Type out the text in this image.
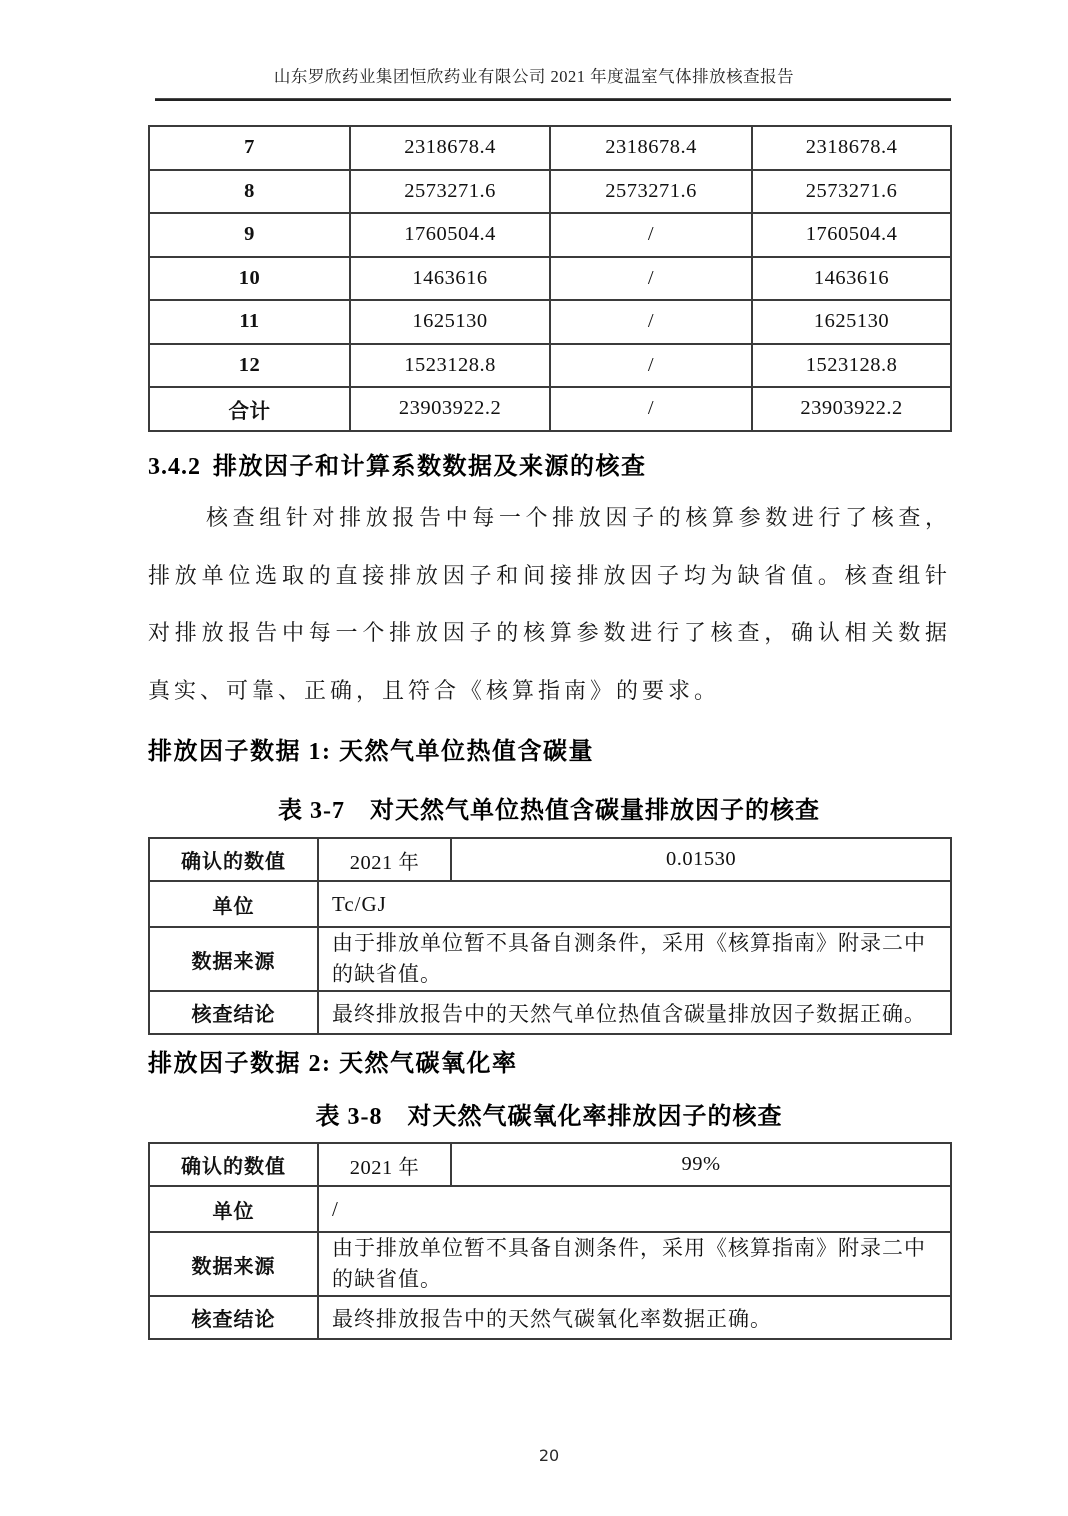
山东罗欣药业集团恒欣药业有限公司 2021 年度温室气体排放核查报告
7	2318678.4	2318678.4	2318678.4
8	2573271.6	2573271.6	2573271.6
9	1760504.4	/	1760504.4
10	1463616	/	1463616
11	1625130	/	1625130
12	1523128.8	/	1523128.8
合计	23903922.2	/	23903922.2
3.4.2 排放因子和计算系数数据及来源的核查
核查组针对排放报告中每一个排放因子的核算参数进行了核查，
排放单位选取的直接排放因子和间接排放因子均为缺省值。核查组针
对排放报告中每一个排放因子的核算参数进行了核查，确认相关数据
真实、可靠、正确，且符合《核算指南》的要求。
排放因子数据 1: 天然气单位热值含碳量
表 3-7　对天然气单位热值含碳量排放因子的核查
确认的数值	2021 年	0.01530
单位	Tc/GJ	
数据来源	由于排放单位暂不具备自测条件，采用《核算指南》附录二中
的缺省值。	

核查结论	最终排放报告中的天然气单位热值含碳量排放因子数据正确。	
排放因子数据 2: 天然气碳氧化率
表 3-8　对天然气碳氧化率排放因子的核查
确认的数值	2021 年	99%
单位	/	
数据来源	由于排放单位暂不具备自测条件，采用《核算指南》附录二中
的缺省值。	

核查结论	最终排放报告中的天然气碳氧化率数据正确。	
20
